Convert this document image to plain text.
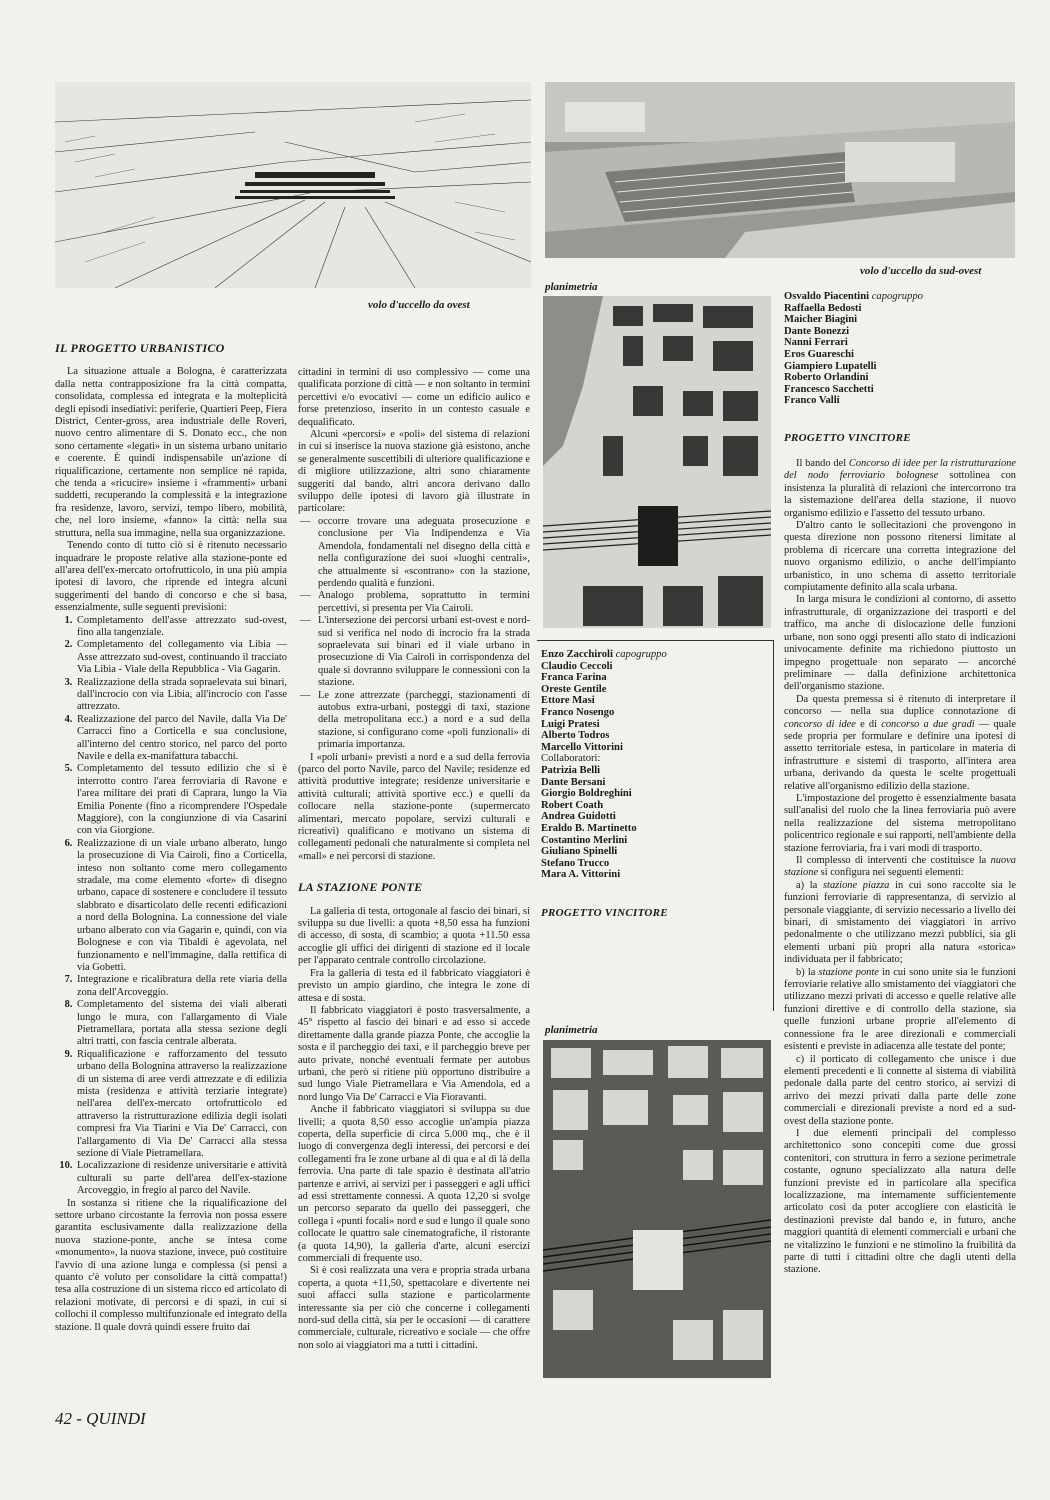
volo d'uccello da ovest
volo d'uccello da sud-ovest
planimetria
planimetria
IL PROGETTO URBANISTICO

La situazione attuale a Bologna, è caratterizzata dalla netta contrapposizione fra la città compatta, consolidata, complessa ed integrata e la molteplicità degli episodi insediativi: periferie, Quartieri Peep, Fiera District, Center-gross, area industriale delle Roveri, nuovo centro alimentare di S. Donato ecc., che non sono certamente «legati» in un sistema urbano unitario e coerente. È quindi indispensabile un'azione di riqualificazione, certamente non semplice né rapida, che tenda a «ricucire» insieme i «frammenti» urbani suddetti, recuperando la complessità e la integrazione fra residenze, lavoro, servizi, tempo libero, mobilità, che, nel loro insieme, «fanno» la città: nella sua struttura, nella sua immagine, nella sua organizzazione.

Tenendo conto di tutto ciò si è ritenuto necessario inquadrare le proposte relative alla stazione-ponte ed all'area dell'ex-mercato ortofrutticolo, in una più ampia ipotesi di lavoro, che riprende ed integra alcuni suggerimenti del bando di concorso e che si basa, essenzialmente, sulle seguenti previsioni:

1. Completamento dell'asse attrezzato sud-ovest, fino alla tangenziale.
2. Completamento del collegamento via Libia — Asse attrezzato sud-ovest, continuando il tracciato Via Libia - Viale della Repubblica - Via Gagarin.
3. Realizzazione della strada sopraelevata sui binari, dall'incrocio con via Libia, all'incrocio con l'asse attrezzato.
4. Realizzazione del parco del Navile, dalla Via De' Carracci fino a Corticella e sua conclusione, all'interno del centro storico, nel parco del porto Navile e della ex-manifattura tabacchi.
5. Completamento del tessuto edilizio che si è interrotto contro l'area ferroviaria di Ravone e l'area militare dei prati di Caprara, lungo la Via Emilia Ponente (fino a ricomprendere l'Ospedale Maggiore), con la congiunzione di via Casarini con via Giorgione.
6. Realizzazione di un viale urbano alberato, lungo la prosecuzione di Via Cairoli, fino a Corticella, inteso non soltanto come mero collegamento stradale, ma come elemento «forte» di disegno urbano, capace di sostenere e concludere il tessuto slabbrato e disarticolato delle recenti edificazioni a nord della Bolognina. La connessione del viale urbano alberato con via Gagarin e, quindi, con via Bolognese e con via Tibaldi è agevolata, nel funzionamento e nell'immagine, dalla rettifica di via Gobetti.
7. Integrazione e ricalibratura della rete viaria della zona dell'Arcoveggio.
8. Completamento del sistema dei viali alberati lungo le mura, con l'allargamento di Viale Pietramellara, portata alla stessa sezione degli altri tratti, con fascia centrale alberata.
9. Riqualificazione e rafforzamento del tessuto urbano della Bolognina attraverso la realizzazione di un sistema di aree verdi attrezzate e di edilizia mista (residenza e attività terziarie integrate) nell'area dell'ex-mercato ortofrutticolo ed attraverso la ristrutturazione edilizia degli isolati compresi fra Via Tiarini e Via De' Carracci, con l'allargamento di Via De' Carracci alla stessa sezione di Viale Pietramellara.
10. Localizzazione di residenze universitarie e attività culturali su parte dell'area dell'ex-stazione Arcoveggio, in fregio al parco del Navile.

In sostanza si ritiene che la riqualificazione del settore urbano circostante la ferrovia non possa essere garantita esclusivamente dalla realizzazione della nuova stazione-ponte, anche se intesa come «monumento», la nuova stazione, invece, può costituire l'avvio di una azione lunga e complessa (si pensi a quanto c'è voluto per consolidare la città compatta!) tesa alla costruzione di un sistema ricco ed articolato di relazioni motivate, di percorsi e di spazi, in cui si collochi il complesso multifunzionale ed integrato della stazione. Il quale dovrà quindi essere fruito dai

cittadini in termini di uso complessivo — come una qualificata porzione di città — e non soltanto in termini percettivi e/o evocativi — come un edificio aulico e forse pretenzioso, inserito in un contesto casuale e dequalificato.

Alcuni «percorsi» e «poli» del sistema di relazioni in cui si inserisce la nuova stazione già esistono, anche se generalmente suscettibili di ulteriore qualificazione e di migliore utilizzazione, altri sono chiaramente suggeriti dal bando, altri ancora derivano dallo sviluppo delle ipotesi di lavoro già illustrate in particolare:

— occorre trovare una adeguata prosecuzione e conclusione per Via Indipendenza e Via Amendola, fondamentali nel disegno della città e nella configurazione dei suoi «luoghi centrali», che attualmente si «scontrano» con la stazione, perdendo qualità e funzioni.
— Analogo problema, soprattutto in termini percettivi, si presenta per Via Cairoli.
— L'intersezione dei percorsi urbani est-ovest e nord-sud si verifica nel nodo di incrocio fra la strada sopraelevata sui binari ed il viale urbano in prosecuzione di Via Cairoli in corrispondenza del quale si dovranno sviluppare le connessioni con la stazione.
— Le zone attrezzate (parcheggi, stazionamenti di autobus extra-urbani, posteggi di taxi, stazione della metropolitana ecc.) a nord e a sud della stazione, si configurano come «poli funzionali» di primaria importanza.

I «poli urbani» previsti a nord e a sud della ferrovia (parco del porto Navile, parco del Navile; residenze ed attività produttive integrate; residenze universitarie e attività culturali; attività sportive ecc.) e quelli da collocare nella stazione-ponte (supermercato alimentari, mercato popolare, servizi culturali e ricreativi) qualificano e motivano un sistema di collegamenti pedonali che naturalmente si completa nel «mall» e nei percorsi di stazione.

LA STAZIONE PONTE

La galleria di testa, ortogonale al fascio dei binari, si sviluppa su due livelli: a quota +8,50 essa ha funzioni di accesso, di sosta, di scambio; a quota +11.50 essa accoglie gli uffici dei dirigenti di stazione ed il locale per l'apparato centrale controllo circolazione.

Fra la galleria di testa ed il fabbricato viaggiatori è previsto un ampio giardino, che integra le zone di attesa e di sosta.

Il fabbricato viaggiatori è posto trasversalmente, a 45° rispetto al fascio dei binari e ad esso si accede direttamente dalla grande piazza Ponte, che accoglie la sosta e il parcheggio dei taxi, e il parcheggio breve per auto private, nonché eventuali fermate per autobus urbani, che però si ritiene più opportuno distribuire a sud lungo Viale Pietramellara e Via Amendola, ed a nord lungo Via De' Carracci e Via Fioravanti.

Anche il fabbricato viaggiatori si sviluppa su due livelli; a quota 8,50 esso accoglie un'ampia piazza coperta, della superficie di circa 5.000 mq., che è il luogo di convergenza degli interessi, dei percorsi e dei collegamenti fra le zone urbane al di qua e al di là della ferrovia. Una parte di tale spazio è destinata all'atrio partenze e arrivi, ai servizi per i passeggeri e agli uffici ad essi strettamente connessi. A quota 12,20 si svolge un percorso separato da quello dei passeggeri, che collega i «punti focali» nord e sud e lungo il quale sono collocate le quattro sale cinematografiche, il ristorante (a quota 14,90), la galleria d'arte, alcuni esercizi commerciali di frequente uso.

Si è così realizzata una vera e propria strada urbana coperta, a quota +11,50, spettacolare e divertente nei suoi affacci sulla stazione e particolarmente interessante sia per ciò che concerne i collegamenti nord-sud della città, sia per le occasioni — di carattere commerciale, culturale, ricreativo e sociale — che offre non solo ai viaggiatori ma a tutti i cittadini.

Enzo Zacchiroli capogruppo
Claudio Ceccoli
Franca Farina
Oreste Gentile
Ettore Masi
Franco Nosengo
Luigi Pratesi
Alberto Todros
Marcello Vittorini
Collaboratori:
Patrizia Belli
Dante Bersani
Giorgio Boldreghini
Robert Coath
Andrea Guidotti
Eraldo B. Martinetto
Costantino Merlini
Giuliano Spinelli
Stefano Trucco
Mara A. Vittorini
PROGETTO VINCITORE
Osvaldo Piacentini capogruppo
Raffaella Bedosti
Maicher Biagini
Dante Bonezzi
Nanni Ferrari
Eros Guareschi
Giampiero Lupatelli
Roberto Orlandini
Francesco Sacchetti
Franco Valli
PROGETTO VINCITORE

Il bando del Concorso di idee per la ristrutturazione del nodo ferroviario bolognese sottolinea con insistenza la pluralità di relazioni che intercorrono tra la sistemazione dell'area della stazione, il nuovo organismo edilizio e l'assetto del tessuto urbano.

D'altro canto le sollecitazioni che provengono in questa direzione non possono ritenersi limitate al problema di ricercare una corretta integrazione del nuovo organismo edilizio, o anche dell'impianto urbanistico, in uno schema di assetto territoriale compiutamente definito alla scala urbana.

In larga misura le condizioni al contorno, di assetto infrastrutturale, di organizzazione dei trasporti e del traffico, ma anche di dislocazione delle funzioni urbane, non sono oggi presenti allo stato di indicazioni univocamente definite ma richiedono piuttosto un impegno progettuale non separato — ancorché preliminare — dalla definizione architettonica dell'organismo stazione.

Da questa premessa si è ritenuto di interpretare il concorso — nella sua duplice connotazione di concorso di idee e di concorso a due gradi — quale sede propria per formulare e definire una ipotesi di assetto territoriale estesa, in particolare in materia di infrastrutture e sistemi di trasporto, all'intera area urbana, derivando da questa le scelte progettuali relative all'organismo edilizio della stazione.

L'impostazione del progetto è essenzialmente basata sull'analisi del ruolo che la linea ferroviaria può avere nella realizzazione del sistema metropolitano policentrico regionale e sui rapporti, nell'ambiente della stazione ferroviaria, fra i vari modi di trasporto.

Il complesso di interventi che costituisce la nuova stazione si configura nei seguenti elementi:

a) la stazione piazza in cui sono raccolte sia le funzioni ferroviarie di rappresentanza, di servizio al personale viaggiante, di servizio necessario a livello dei binari, di smistamento dei viaggiatori in arrivo pedonalmente o che utilizzano mezzi pubblici, sia gli elementi urbani più propri alla natura «storica» individuata per il fabbricato;

b) la stazione ponte in cui sono unite sia le funzioni ferroviarie relative allo smistamento dei viaggiatori che utilizzano mezzi privati di accesso e quelle relative alle funzioni direttive e di controllo della stazione, sia quelle funzioni urbane proprie all'elemento di connessione fra le aree direzionali e commerciali esistenti e previste in adiacenza alle testate del ponte;

c) il porticato di collegamento che unisce i due elementi precedenti e li connette al sistema di viabilità pedonale dalla parte del centro storico, ai servizi di arrivo dei mezzi privati dalla parte delle zone commerciali e direzionali previste a nord ed a sud-ovest della stazione ponte.

I due elementi principali del complesso architettonico sono concepiti come due grossi contenitori, con struttura in ferro a sezione perimetrale costante, ognuno specializzato alla natura delle funzioni previste ed in particolare alla specifica localizzazione, ma internamente sufficientemente articolato così da poter accogliere con elasticità le destinazioni previste dal bando e, in futuro, anche maggiori quantità di elementi commerciali e urbani che ne vitalizzino le funzioni e ne stimolino la fruibilità da parte di tutti i cittadini oltre che dagli utenti della stazione.

42 - QUINDI
